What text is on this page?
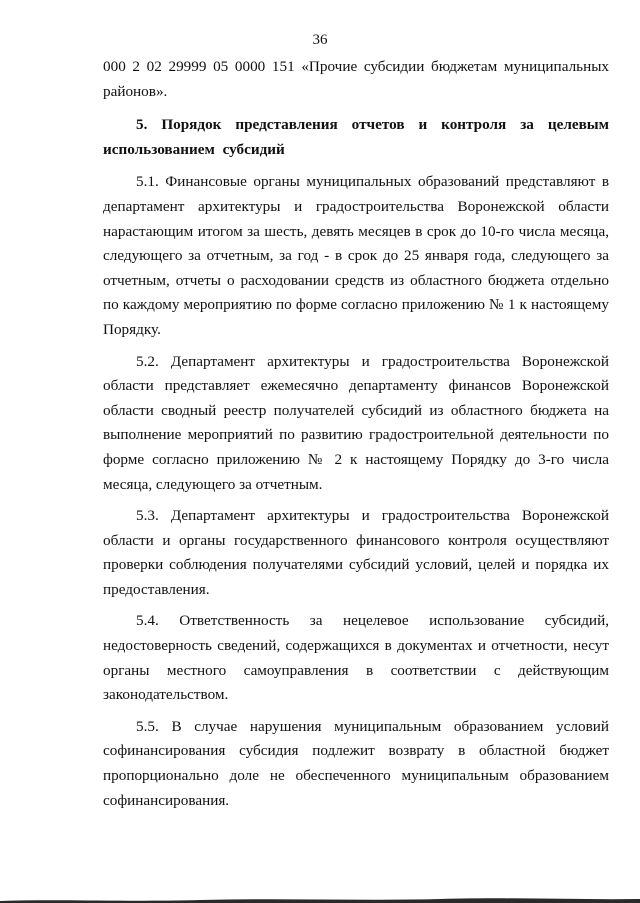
36

000 2 02 29999 05 0000 151 «Прочие субсидии бюджетам муниципальных районов».

5. Порядок представления отчетов и контроля за целевым использованием субсидий

5.1. Финансовые органы муниципальных образований представляют в департамент архитектуры и градостроительства Воронежской области нарастающим итогом за шесть, девять месяцев в срок до 10-го числа месяца, следующего за отчетным, за год - в срок до 25 января года, следующего за отчетным, отчеты о расходовании средств из областного бюджета отдельно по каждому мероприятию по форме согласно приложению № 1 к настоящему Порядку.

5.2. Департамент архитектуры и градостроительства Воронежской области представляет ежемесячно департаменту финансов Воронежской области сводный реестр получателей субсидий из областного бюджета на выполнение мероприятий по развитию градостроительной деятельности по форме согласно приложению № 2 к настоящему Порядку до 3-го числа месяца, следующего за отчетным.

5.3. Департамент архитектуры и градостроительства Воронежской области и органы государственного финансового контроля осуществляют проверки соблюдения получателями субсидий условий, целей и порядка их предоставления.

5.4. Ответственность за нецелевое использование субсидий, недостоверность сведений, содержащихся в документах и отчетности, несут органы местного самоуправления в соответствии с действующим законодательством.

5.5. В случае нарушения муниципальным образованием условий софинансирования субсидия подлежит возврату в областной бюджет пропорционально доле не обеспеченного муниципальным образованием софинансирования.
